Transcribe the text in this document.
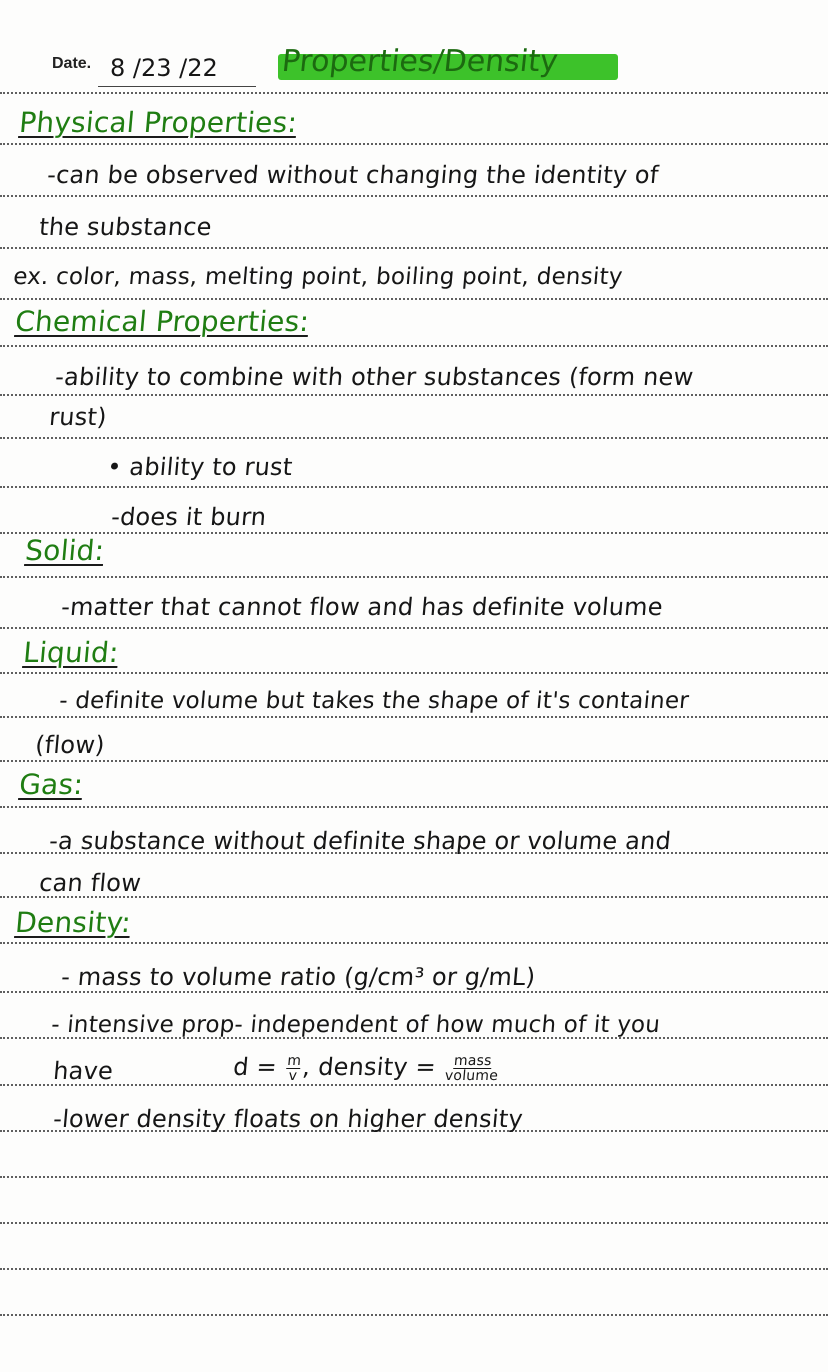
Date. 8 /23 /22 Properties/Density
Physical Properties:
-can be observed without changing the identity of
the substance
ex. color, mass, melting point, boiling point, density
Chemical Properties:
-ability to combine with other substances (form new
rust)
• ability to rust
-does it burn
Solid:
-matter that cannot flow and has definite volume
Liquid:
- definite volume but takes the shape of it's container
(flow)
Gas:
-a substance without definite shape or volume and
can flow
Density:
- mass to volume ratio (g/cm³ or g/mL)
- intensive prop- independent of how much of it you
have	$d = \frac{m}{v}$ , density = $\frac{\text{mass}}{\text{volume}}$
-lower density floats on higher density
